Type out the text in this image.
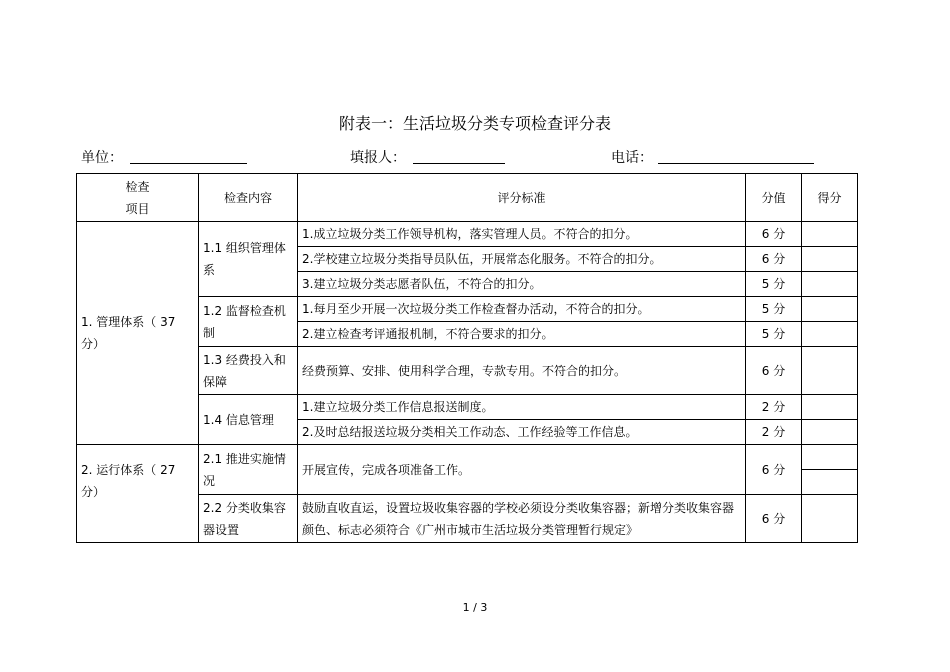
附表一：生活垃圾分类专项检查评分表
单位：	填报人：	电话：
检查
项目	检查内容	评分标准	分值	得分
1. 管理体系（ 37 分）	1.1 组织管理体系	1.成立垃圾分类工作领导机构，落实管理人员。不符合的扣分。	6 分	
		2.学校建立垃圾分类指导员队伍，开展常态化服务。不符合的扣分。	6 分	
		3.建立垃圾分类志愿者队伍，不符合的扣分。	5 分	
	1.2 监督检查机制	1.每月至少开展一次垃圾分类工作检查督办活动，不符合的扣分。	5 分	
		2.建立检查考评通报机制，不符合要求的扣分。	5 分	
	1.3 经费投入和保障	经费预算、安排、使用科学合理，专款专用。不符合的扣分。	6 分	
	1.4 信息管理	1.建立垃圾分类工作信息报送制度。	2 分	
		2.及时总结报送垃圾分类相关工作动态、工作经验等工作信息。	2 分	
2. 运行体系（ 27 分）	2.1 推进实施情况	开展宣传，完成各项准备工作。	6 分	

	2.2 分类收集容器设置	鼓励直收直运，设置垃圾收集容器的学校必须设分类收集容器；新增分类收集容器颜色、标志必须符合《广州市城市生活垃圾分类管理暂行规定》	6 分	
1 / 3
